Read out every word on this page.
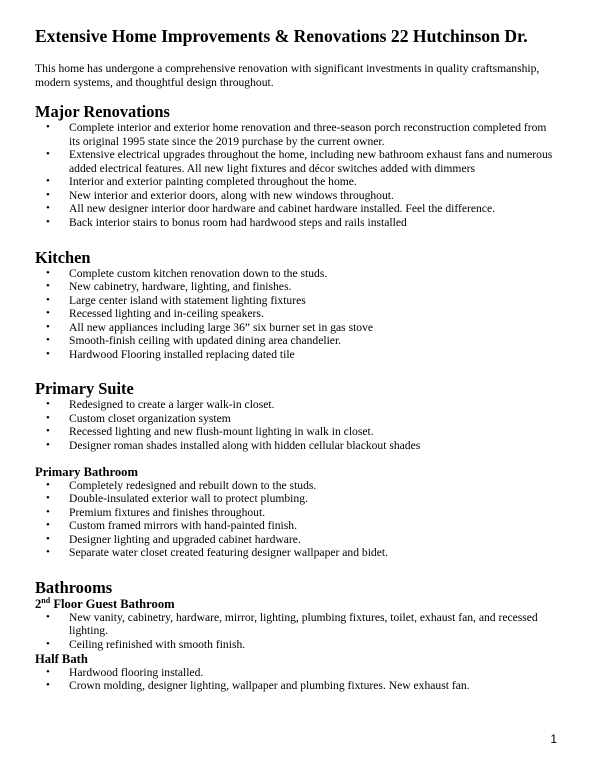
Extensive Home Improvements & Renovations 22 Hutchinson Dr.

This home has undergone a comprehensive renovation with significant investments in quality craftsmanship, modern systems, and thoughtful design throughout.

Major Renovations
• Complete interior and exterior home renovation and three-season porch reconstruction completed from its original 1995 state since the 2019 purchase by the current owner.
• Extensive electrical upgrades throughout the home, including new bathroom exhaust fans and numerous added electrical features. All new light fixtures and décor switches added with dimmers
• Interior and exterior painting completed throughout the home.
• New interior and exterior doors, along with new windows throughout.
• All new designer interior door hardware and cabinet hardware installed. Feel the difference.
• Back interior stairs to bonus room had hardwood steps and rails installed
Kitchen
• Complete custom kitchen renovation down to the studs.
• New cabinetry, hardware, lighting, and finishes.
• Large center island with statement lighting fixtures
• Recessed lighting and in-ceiling speakers.
• All new appliances including large 36” six burner set in gas stove
• Smooth-finish ceiling with updated dining area chandelier.
• Hardwood Flooring installed replacing dated tile
Primary Suite
• Redesigned to create a larger walk-in closet.
• Custom closet organization system
• Recessed lighting and new flush-mount lighting in walk in closet.
• Designer roman shades installed along with hidden cellular blackout shades
Primary Bathroom
• Completely redesigned and rebuilt down to the studs.
• Double-insulated exterior wall to protect plumbing.
• Premium fixtures and finishes throughout.
• Custom framed mirrors with hand-painted finish.
• Designer lighting and upgraded cabinet hardware.
• Separate water closet created featuring designer wallpaper and bidet.
Bathrooms
2nd Floor Guest Bathroom
• New vanity, cabinetry, hardware, mirror, lighting, plumbing fixtures, toilet, exhaust fan, and recessed lighting.
• Ceiling refinished with smooth finish.
Half Bath
• Hardwood flooring installed.
• Crown molding, designer lighting, wallpaper and plumbing fixtures. New exhaust fan.
1
